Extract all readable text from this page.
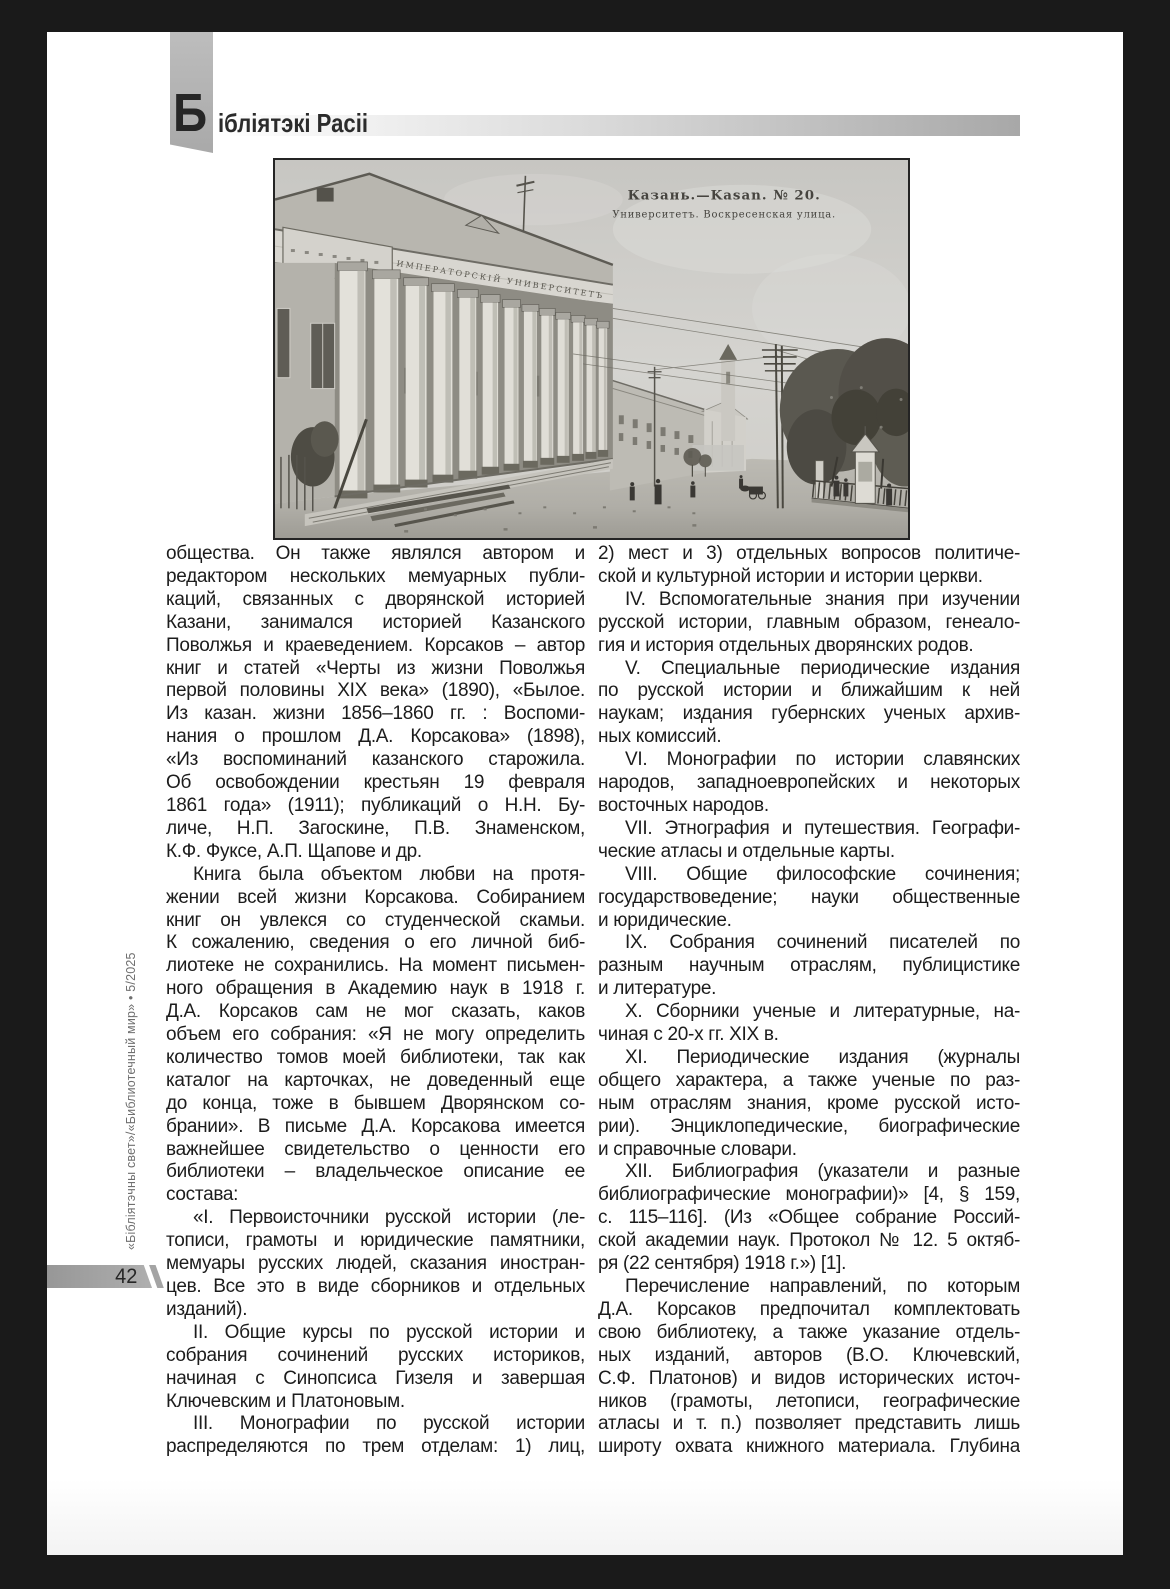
Б ібліятэкі Расіі
ИМПЕРАТОРСКІЙ УНИВЕРСИТЕТЪ
Казань.—Kasan. № 20.
Университетъ. Воскресенская улица.
общества. Он также являлся автором и
редактором нескольких мемуарных публи-
каций, связанных с дворянской историей
Казани, занимался историей Казанского
Поволжья и краеведением. Корсаков – автор
книг и статей «Черты из жизни Поволжья
первой половины XIX века» (1890), «Былое.
Из казан. жизни 1856–1860 гг. : Воспоми-
нания о прошлом Д.А. Корсакова» (1898),
«Из воспоминаний казанского старожила.
Об освобождении крестьян 19 февраля
1861 года» (1911); публикаций о Н.Н. Бу-
личе, Н.П. Загоскине, П.В. Знаменском,
К.Ф. Фуксе, А.П. Щапове и др.
Книга была объектом любви на протя-
жении всей жизни Корсакова. Собиранием
книг он увлекся со студенческой скамьи.
К сожалению, сведения о его личной биб-
лиотеке не сохранились. На момент письмен-
ного обращения в Академию наук в 1918 г.
Д.А. Корсаков сам не мог сказать, каков
объем его собрания: «Я не могу определить
количество томов моей библиотеки, так как
каталог на карточках, не доведенный еще
до конца, тоже в бывшем Дворянском со-
брании». В письме Д.А. Корсакова имеется
важнейшее свидетельство о ценности его
библиотеки – владельческое описание ее
состава:
«I. Первоисточники русской истории (ле-
тописи, грамоты и юридические памятники,
мемуары русских людей, сказания иностран-
цев. Все это в виде сборников и отдельных
изданий).
II. Общие курсы по русской истории и
собрания сочинений русских историков,
начиная с Синопсиса Гизеля и завершая
Ключевским и Платоновым.
III. Монографии по русской истории
распределяются по трем отделам: 1) лиц,
2) мест и 3) отдельных вопросов политиче-
ской и культурной истории и истории церкви.
IV. Вспомогательные знания при изучении
русской истории, главным образом, генеало-
гия и история отдельных дворянских родов.
V. Специальные периодические издания
по русской истории и ближайшим к ней
наукам; издания губернских ученых архив-
ных комиссий.
VI. Монографии по истории славянских
народов, западноевропейских и некоторых
восточных народов.
VII. Этнография и путешествия. Географи-
ческие атласы и отдельные карты.
VIII. Общие философские сочинения;
государствоведение; науки общественные
и юридические.
IX. Собрания сочинений писателей по
разным научным отраслям, публицистике
и литературе.
X. Сборники ученые и литературные, на-
чиная с 20-х гг. XIX в.
XI. Периодические издания (журналы
общего характера, а также ученые по раз-
ным отраслям знания, кроме русской исто-
рии). Энциклопедические, биографические
и справочные словари.
XII. Библиография (указатели и разные
библиографические монографии)» [4, § 159,
с. 115–116]. (Из «Общее собрание Россий-
ской академии наук. Протокол № 12. 5 октяб-
ря (22 сентября) 1918 г.») [1].
Перечисление направлений, по которым
Д.А. Корсаков предпочитал комплектовать
свою библиотеку, а также указание отдель-
ных изданий, авторов (В.О. Ключевский,
С.Ф. Платонов) и видов исторических источ-
ников (грамоты, летописи, географические
атласы и т. п.) позволяет представить лишь
широту охвата книжного материала. Глубина
«Бібліятэчны свет»/«Библиотечный мир» • 5/2025
42
